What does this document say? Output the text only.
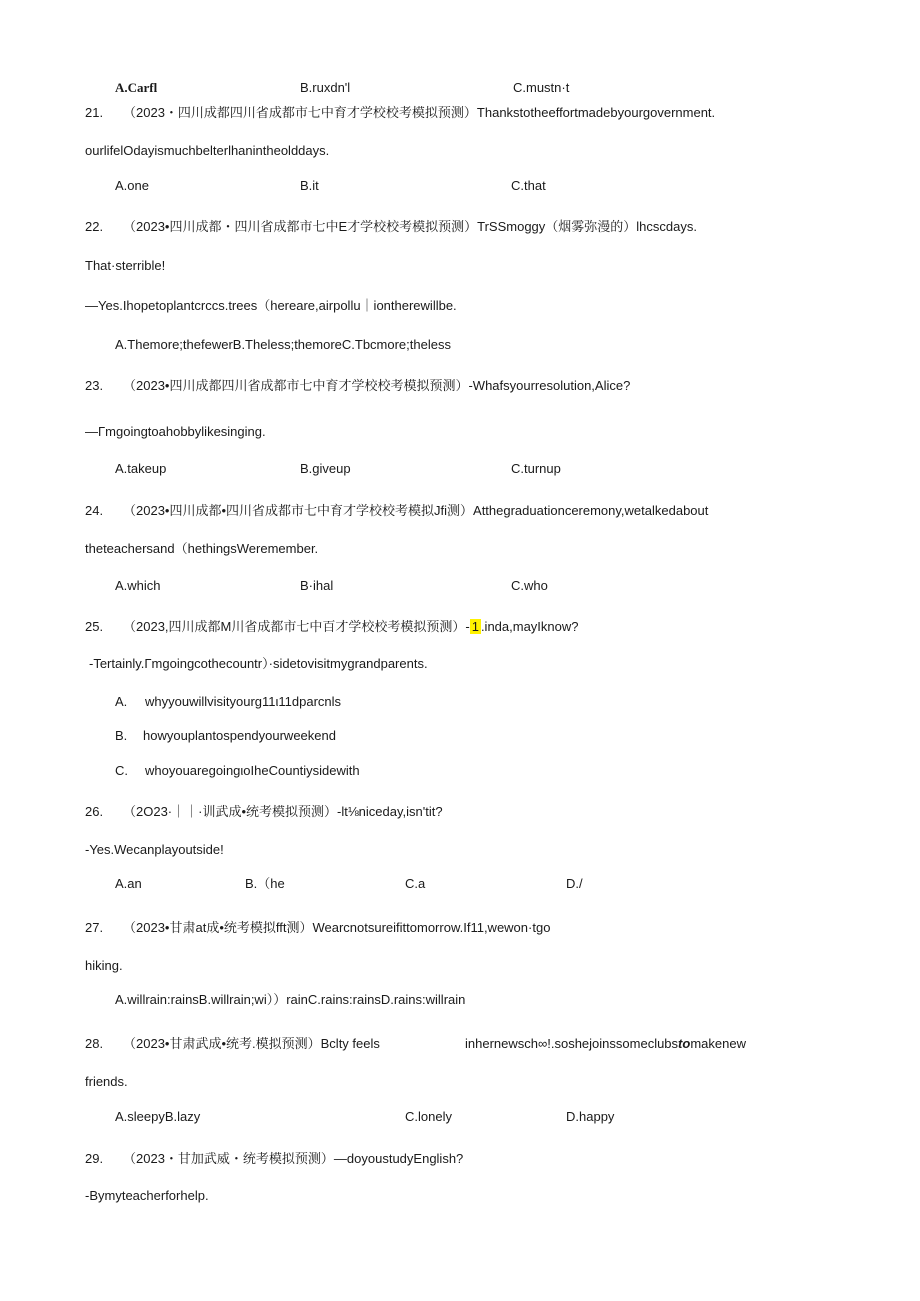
A.Carfl	B.ruxdn'l	C.mustn·t
21. （2023・四川成都四川省成都市七中育才学校校考模拟预测）Thankstotheeffortmadebyourgovernment.
ourlifelOdayismuchbelterlhanintheolddays.
A.one	B.it	C.that
22. （2023•四川成都・四川省成都市七中E才学校校考模拟预测）TrSSmoggy（烟雾弥漫的）lhcscdays.
That·sterrible!
—Yes.Ihopetoplantcrccs.trees（hereare,airpollu｜iontherewillbe.
A.Themore;thefewerB.Theless;themoreC.Tbcmore;theless
23. （2023•四川成都四川省成都市七中育才学校校考模拟预测）-Whafsyourresolution,Alice?
—Γmgoingtoahobbylikesinging.
A.takeup	B.giveup	C.turnup
24. （2023•四川成都•四川省成都市七中育才学校校考模拟Jfi测）Atthegraduationceremony,wetalkedabout
theteachersand（hethingsWeremember.
A.which	B·ihal	C.who
25. （2023,四川成都M川省成都市七中百才学校校考模拟预测）- 1 .inda,mayIknow?
-Tertainly.Γmgoingcothecountr）·sidetovisitmygrandparents.
A. whyyouwillvisityourg11ι11dparcnls
B. howyouplantospendyourweekend
C. whoyouaregoingιoIheCountiysidewith
26. （2O23·｜｜·训武成•统考模拟预测）-lt⅛niceday,isn'tit?
-Yes.Wecanplayoutside!
A.an	B.（he	C.a	D./
27. （2023•甘肃at成•统考模拟fft测）Wearcnotsureifittomorrow.If11,wewon·tgo
hiking.
A.willrain:rainsB.willrain;wi））rainC.rains:rainsD.rains:willrain
28. （2023•甘肃武成•统考.模拟预测）Bclty feels	inhernewsch∞!.soshejoinssomeclubstomakenew
friends.
A.sleepyB.lazy	C.lonely	D.happy
29. （2023・甘加武威・统考模拟预测）—doyoustudyEnglish?
-Bymyteacherforhelp.
